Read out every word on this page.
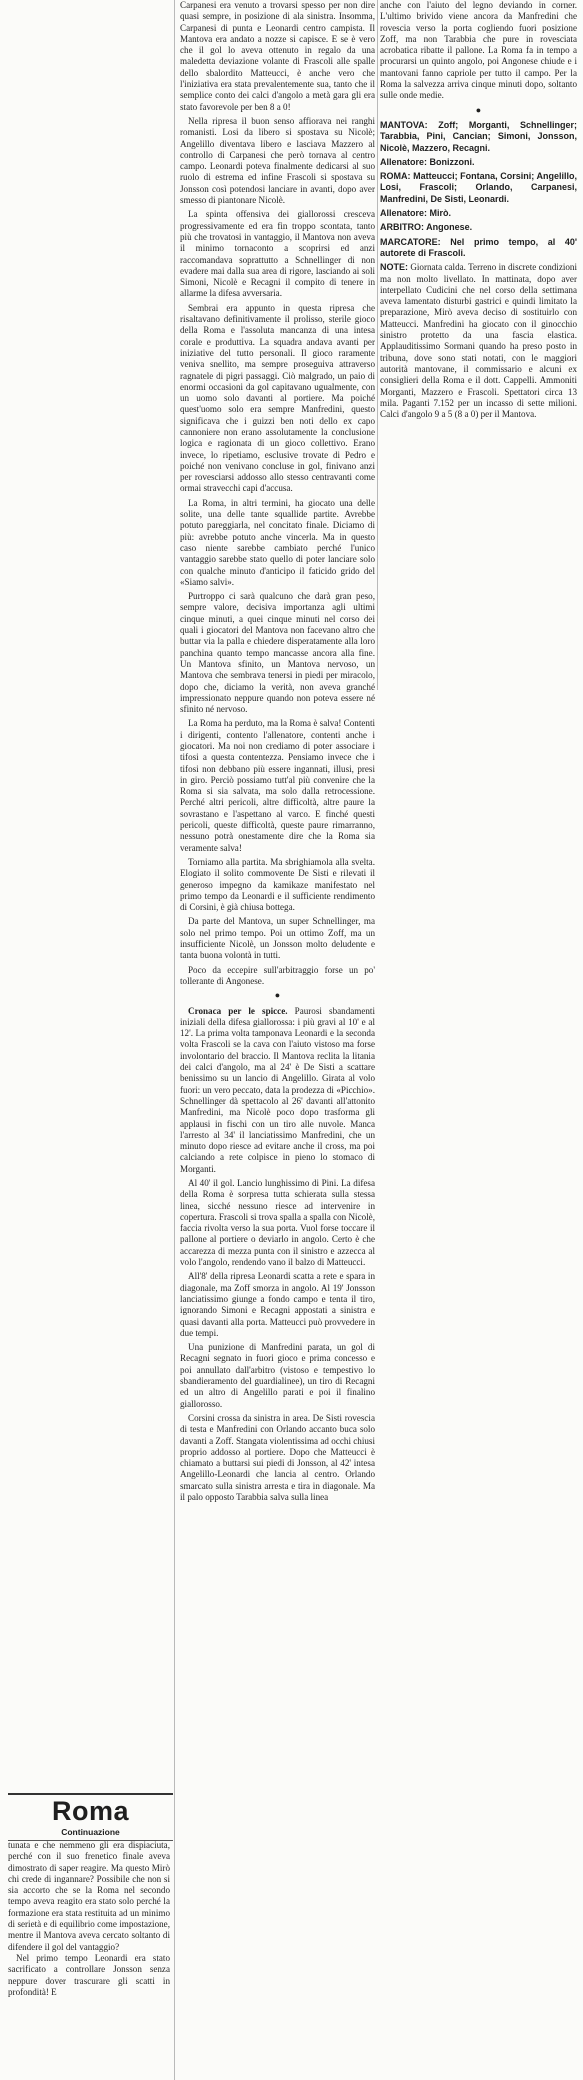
Roma
Continuazione

tunata e che nemmeno gli era dispiaciuta, perché con il suo frenetico finale aveva dimostrato di saper reagire. Ma questo Mirò chi crede di ingannare? Possibile che non si sia accorto che se la Roma nel secondo tempo aveva reagito era stato solo perché la formazione era stata restituita ad un minimo di serietà e di equilibrio come impostazione, mentre il Mantova aveva cercato soltanto di difendere il gol del vantaggio?

Nel primo tempo Leonardi era stato sacrificato a controllare Jonsson senza neppure dover trascurare gli scatti in profondità! E

Carpanesi era venuto a trovarsi spesso per non dire quasi sempre, in posizione di ala sinistra. Insomma, Carpanesi di punta e Leonardi centro campista. Il Mantova era andato a nozze si capisce. E se è vero che il gol lo aveva ottenuto in regalo da una maledetta deviazione volante di Frascoli alle spalle dello sbalordito Matteucci, è anche vero che l'iniziativa era stata prevalentemente sua, tanto che il semplice conto dei calci d'angolo a metà gara gli era stato favorevole per ben 8 a 0!

Nella ripresa il buon senso affiorava nei ranghi romanisti. Losi da libero si spostava su Nicolè; Angelillo diventava libero e lasciava Mazzero al controllo di Carpanesi che però tornava al centro campo. Leonardi poteva finalmente dedicarsi al suo ruolo di estrema ed infine Frascoli si spostava su Jonsson così potendosi lanciare in avanti, dopo aver smesso di piantonare Nicolè.

La spinta offensiva dei giallorossi cresceva progressivamente ed era fin troppo scontata, tanto più che trovatosi in vantaggio, il Mantova non aveva il minimo tornaconto a scoprirsi ed anzi raccomandava soprattutto a Schnellinger di non evadere mai dalla sua area di rigore, lasciando ai soli Simoni, Nicolè e Recagni il compito di tenere in allarme la difesa avversaria.

Sembrai era appunto in questa ripresa che risaltavano definitivamente il prolisso, sterile gioco della Roma e l'assoluta mancanza di una intesa corale e produttiva. La squadra andava avanti per iniziative del tutto personali. Il gioco raramente veniva snellito, ma sempre proseguiva attraverso ragnatele di pigri passaggi. Ciò malgrado, un paio di enormi occasioni da gol capitavano ugualmente, con un uomo solo davanti al portiere. Ma poiché quest'uomo solo era sempre Manfredini, questo significava che i guizzi ben noti dello ex capo cannoniere non erano assolutamente la conclusione logica e ragionata di un gioco collettivo. Erano invece, lo ripetiamo, esclusive trovate di Pedro e poiché non venivano concluse in gol, finivano anzi per rovesciarsi addosso allo stesso centravanti come ormai stravecchi capi d'accusa.

La Roma, in altri termini, ha giocato una delle solite, una delle tante squallide partite. Avrebbe potuto pareggiarla, nel concitato finale. Diciamo di più: avrebbe potuto anche vincerla. Ma in questo caso niente sarebbe cambiato perché l'unico vantaggio sarebbe stato quello di poter lanciare solo con qualche minuto d'anticipo il faticido grido del «Siamo salvi».

Purtroppo ci sarà qualcuno che darà gran peso, sempre valore, decisiva importanza agli ultimi cinque minuti, a quei cinque minuti nel corso dei quali i giocatori del Mantova non facevano altro che buttar via la palla e chiedere disperatamente alla loro panchina quanto tempo mancasse ancora alla fine. Un Mantova sfinito, un Mantova nervoso, un Mantova che sembrava tenersi in piedi per miracolo, dopo che, diciamo la verità, non aveva granché impressionato neppure quando non poteva essere né sfinito né nervoso.

La Roma ha perduto, ma la Roma è salva! Contenti i dirigenti, contento l'allenatore, contenti anche i giocatori. Ma noi non crediamo di poter associare i tifosi a questa contentezza. Pensiamo invece che i tifosi non debbano più essere ingannati, illusi, presi in giro. Perciò possiamo tutt'al più convenire che la Roma si sia salvata, ma solo dalla retrocessione. Perché altri pericoli, altre difficoltà, altre paure la sovrastano e l'aspettano al varco. E finché questi pericoli, queste difficoltà, queste paure rimarranno, nessuno potrà onestamente dire che la Roma sia veramente salva!

Torniamo alla partita. Ma sbrighiamola alla svelta. Elogiato il solito commovente De Sisti e rilevati il generoso impegno da kamikaze manifestato nel primo tempo da Leonardi e il sufficiente rendimento di Corsini, è già chiusa bottega.

Da parte del Mantova, un super Schnellinger, ma solo nel primo tempo. Poi un ottimo Zoff, ma un insufficiente Nicolè, un Jonsson molto deludente e tanta buona volontà in tutti.

Poco da eccepire sull'arbitraggio forse un po' tollerante di Angonese.

●

Cronaca per le spicce. Paurosi sbandamenti iniziali della difesa giallorossa: i più gravi al 10' e al 12'. La prima volta tamponava Leonardi e la seconda volta Frascoli se la cava con l'aiuto vistoso ma forse involontario del braccio. Il Mantova reclita la litania dei calci d'angolo, ma al 24' è De Sisti a scattare benissimo su un lancio di Angelillo. Girata al volo fuori: un vero peccato, data la prodezza di «Picchio». Schnellinger dà spettacolo al 26' davanti all'attonito Manfredini, ma Nicolè poco dopo trasforma gli applausi in fischi con un tiro alle nuvole. Manca l'arresto al 34' il lanciatissimo Manfredini, che un minuto dopo riesce ad evitare anche il cross, ma poi calciando a rete colpisce in pieno lo stomaco di Morganti.

Al 40' il gol. Lancio lunghissimo di Pini. La difesa della Roma è sorpresa tutta schierata sulla stessa linea, sicché nessuno riesce ad intervenire in copertura. Frascoli si trova spalla a spalla con Nicolè, faccia rivolta verso la sua porta. Vuol forse toccare il pallone al portiere o deviarlo in angolo. Certo è che accarezza di mezza punta con il sinistro e azzecca al volo l'angolo, rendendo vano il balzo di Matteucci.

All'8' della ripresa Leonardi scatta a rete e spara in diagonale, ma Zoff smorza in angolo. Al 19' Jonsson lanciatissimo giunge a fondo campo e tenta il tiro, ignorando Simoni e Recagni appostati a sinistra e quasi davanti alla porta. Matteucci può provvedere in due tempi.

Una punizione di Manfredini parata, un gol di Recagni segnato in fuori gioco e prima concesso e poi annullato dall'arbitro (vistoso e tempestivo lo sbandieramento del guardialinee), un tiro di Recagni ed un altro di Angelillo parati e poi il finalino giallorosso.

Corsini crossa da sinistra in area. De Sisti rovescia di testa e Manfredini con Orlando accanto buca solo davanti a Zoff. Stangata violentissima ad occhi chiusi proprio addosso al portiere. Dopo che Matteucci è chiamato a buttarsi sui piedi di Jonsson, al 42' intesa Angelillo-Leonardi che lancia al centro. Orlando smarcato sulla sinistra arresta e tira in diagonale. Ma il palo opposto Tarabbia salva sulla linea

anche con l'aiuto del legno deviando in corner. L'ultimo brivido viene ancora da Manfredini che rovescia verso la porta cogliendo fuori posizione Zoff, ma non Tarabbia che pure in rovesciata acrobatica ribatte il pallone. La Roma fa in tempo a procurarsi un quinto angolo, poi Angonese chiude e i mantovani fanno capriole per tutto il campo. Per la Roma la salvezza arriva cinque minuti dopo, soltanto sulle onde medie.

●

MANTOVA: Zoff; Morganti, Schnellinger; Tarabbia, Pini, Cancian; Simoni, Jonsson, Nicolè, Mazzero, Recagni.

Allenatore: Bonizzoni.

ROMA: Matteucci; Fontana, Corsini; Angelillo, Losi, Frascoli; Orlando, Carpanesi, Manfredini, De Sisti, Leonardi.

Allenatore: Mirò.

ARBITRO: Angonese.

MARCATORE: Nel primo tempo, al 40' autorete di Frascoli.

NOTE: Giornata calda. Terreno in discrete condizioni ma non molto livellato. In mattinata, dopo aver interpellato Cudicini che nel corso della settimana aveva lamentato disturbi gastrici e quindi limitato la preparazione, Mirò aveva deciso di sostituirlo con Matteucci. Manfredini ha giocato con il ginocchio sinistro protetto da una fascia elastica. Applauditissimo Sormani quando ha preso posto in tribuna, dove sono stati notati, con le maggiori autorità mantovane, il commissario e alcuni ex consiglieri della Roma e il dott. Cappelli. Ammoniti Morganti, Mazzero e Frascoli. Spettatori circa 13 mila. Paganti 7.152 per un incasso di sette milioni. Calci d'angolo 9 a 5 (8 a 0) per il Mantova.
